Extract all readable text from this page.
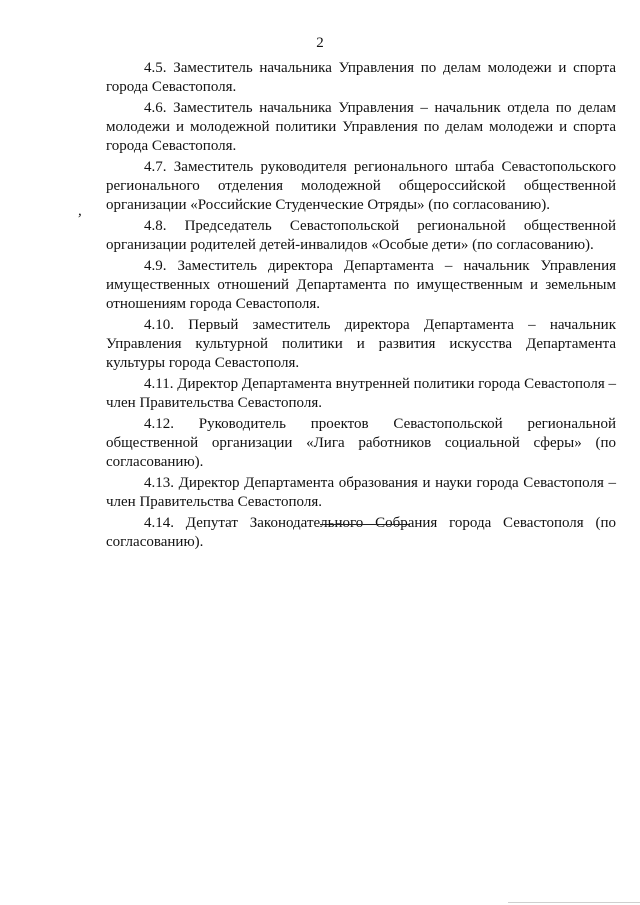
2
,

4.5. Заместитель начальника Управления по делам молодежи и спорта города Севастополя.

4.6. Заместитель начальника Управления – начальник отдела по делам молодежи и молодежной политики Управления по делам молодежи и спорта города Севастополя.

4.7. Заместитель руководителя регионального штаба Севастопольского регионального отделения молодежной общероссийской общественной организации «Российские Студенческие Отряды» (по согласованию).

4.8. Председатель Севастопольской региональной общественной организации родителей детей-инвалидов «Особые дети» (по согласованию).

4.9. Заместитель директора Департамента – начальник Управления имущественных отношений Департамента по имущественным и земельным отношениям города Севастополя.

4.10. Первый заместитель директора Департамента – начальник Управления культурной политики и развития искусства Департамента культуры города Севастополя.

4.11. Директор Департамента внутренней политики города Севастополя – член Правительства Севастополя.

4.12. Руководитель проектов Севастопольской региональной общественной организации «Лига работников социальной сферы» (по согласованию).

4.13. Директор Департамента образования и науки города Севастополя – член Правительства Севастополя.

4.14. Депутат Законодательного Собрания города Севастополя (по согласованию).
